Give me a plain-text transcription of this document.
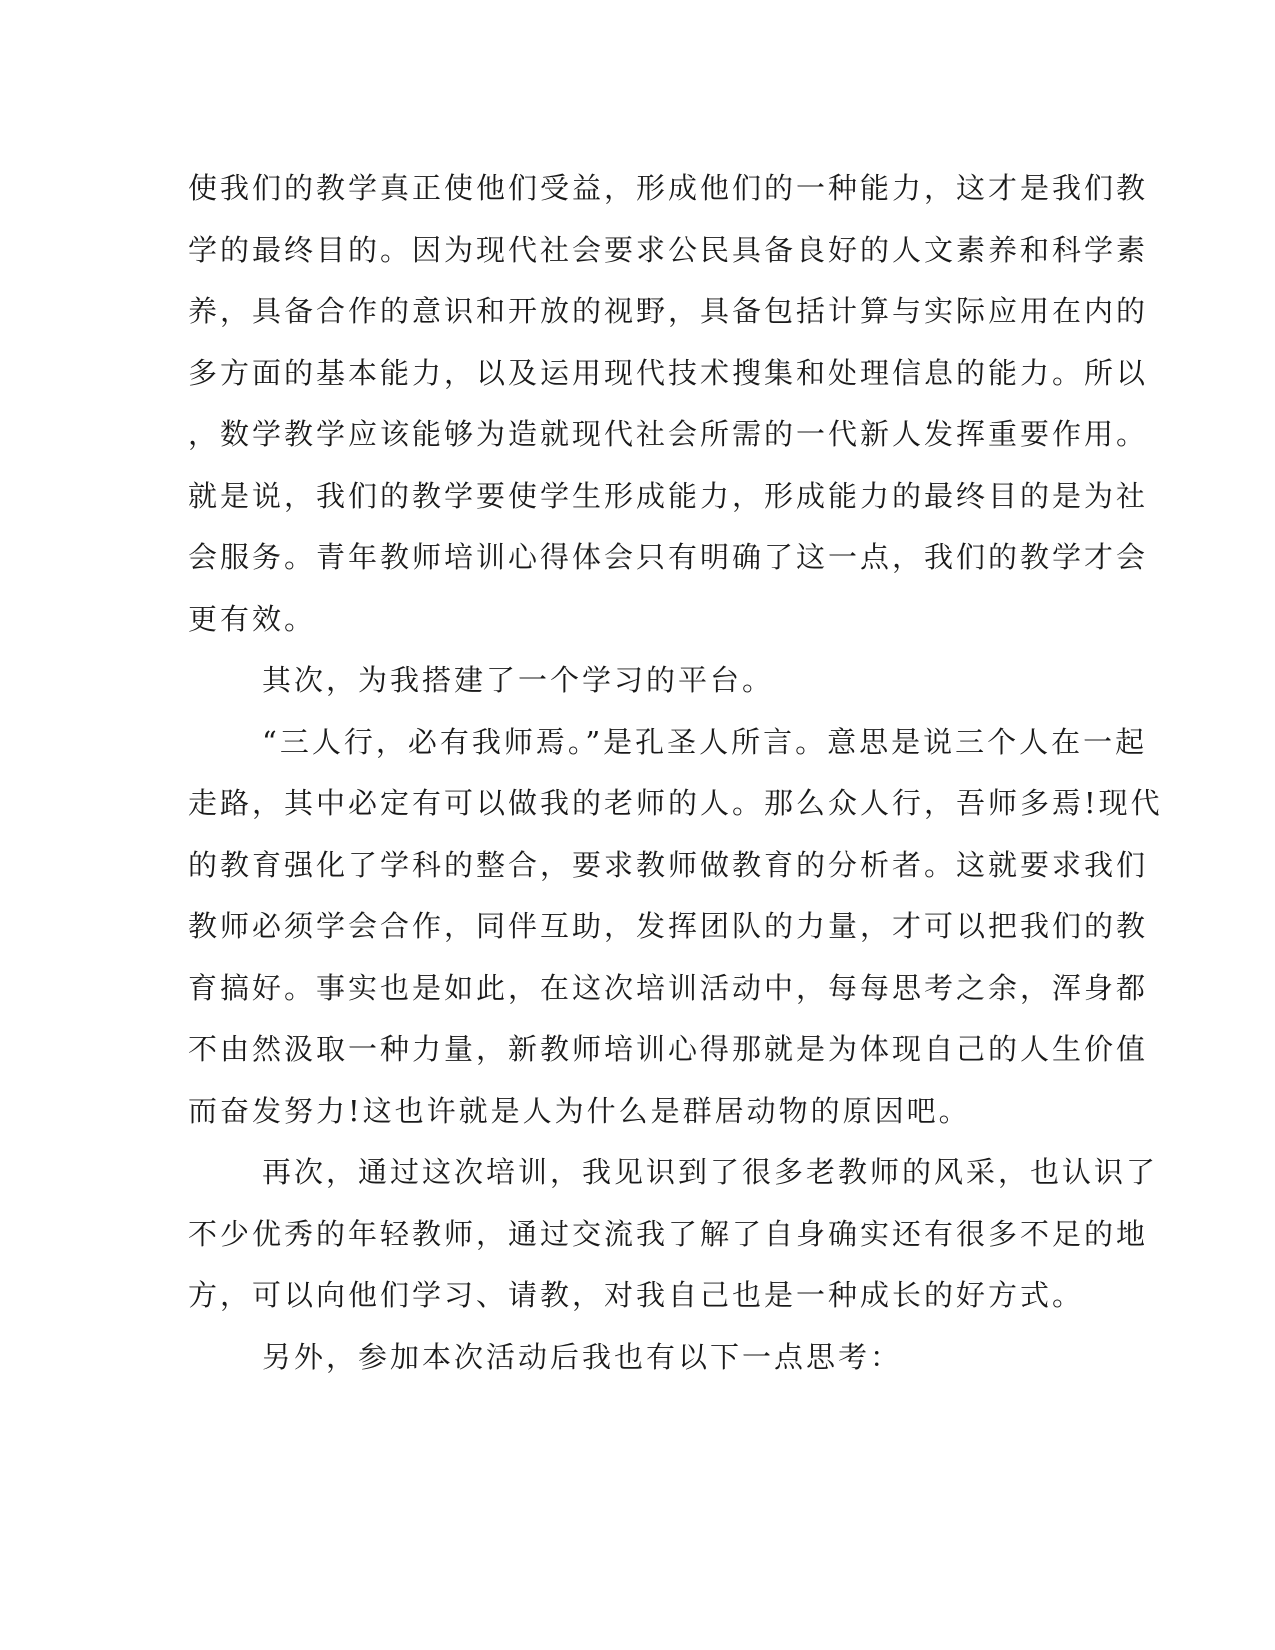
使我们的教学真正使他们受益，形成他们的一种能力，这才是我们教
学的最终目的。因为现代社会要求公民具备良好的人文素养和科学素
养，具备合作的意识和开放的视野，具备包括计算与实际应用在内的
多方面的基本能力，以及运用现代技术搜集和处理信息的能力。所以
，数学教学应该能够为造就现代社会所需的一代新人发挥重要作用。
就是说，我们的教学要使学生形成能力，形成能力的最终目的是为社
会服务。青年教师培训心得体会只有明确了这一点，我们的教学才会
更有效。
其次，为我搭建了一个学习的平台。
“三人行，必有我师焉。”是孔圣人所言。意思是说三个人在一起
走路，其中必定有可以做我的老师的人。那么众人行，吾师多焉!现代
的教育强化了学科的整合，要求教师做教育的分析者。这就要求我们
教师必须学会合作，同伴互助，发挥团队的力量，才可以把我们的教
育搞好。事实也是如此，在这次培训活动中，每每思考之余，浑身都
不由然汲取一种力量，新教师培训心得那就是为体现自己的人生价值
而奋发努力!这也许就是人为什么是群居动物的原因吧。
再次，通过这次培训，我见识到了很多老教师的风采，也认识了
不少优秀的年轻教师，通过交流我了解了自身确实还有很多不足的地
方，可以向他们学习、请教，对我自己也是一种成长的好方式。
另外，参加本次活动后我也有以下一点思考：
